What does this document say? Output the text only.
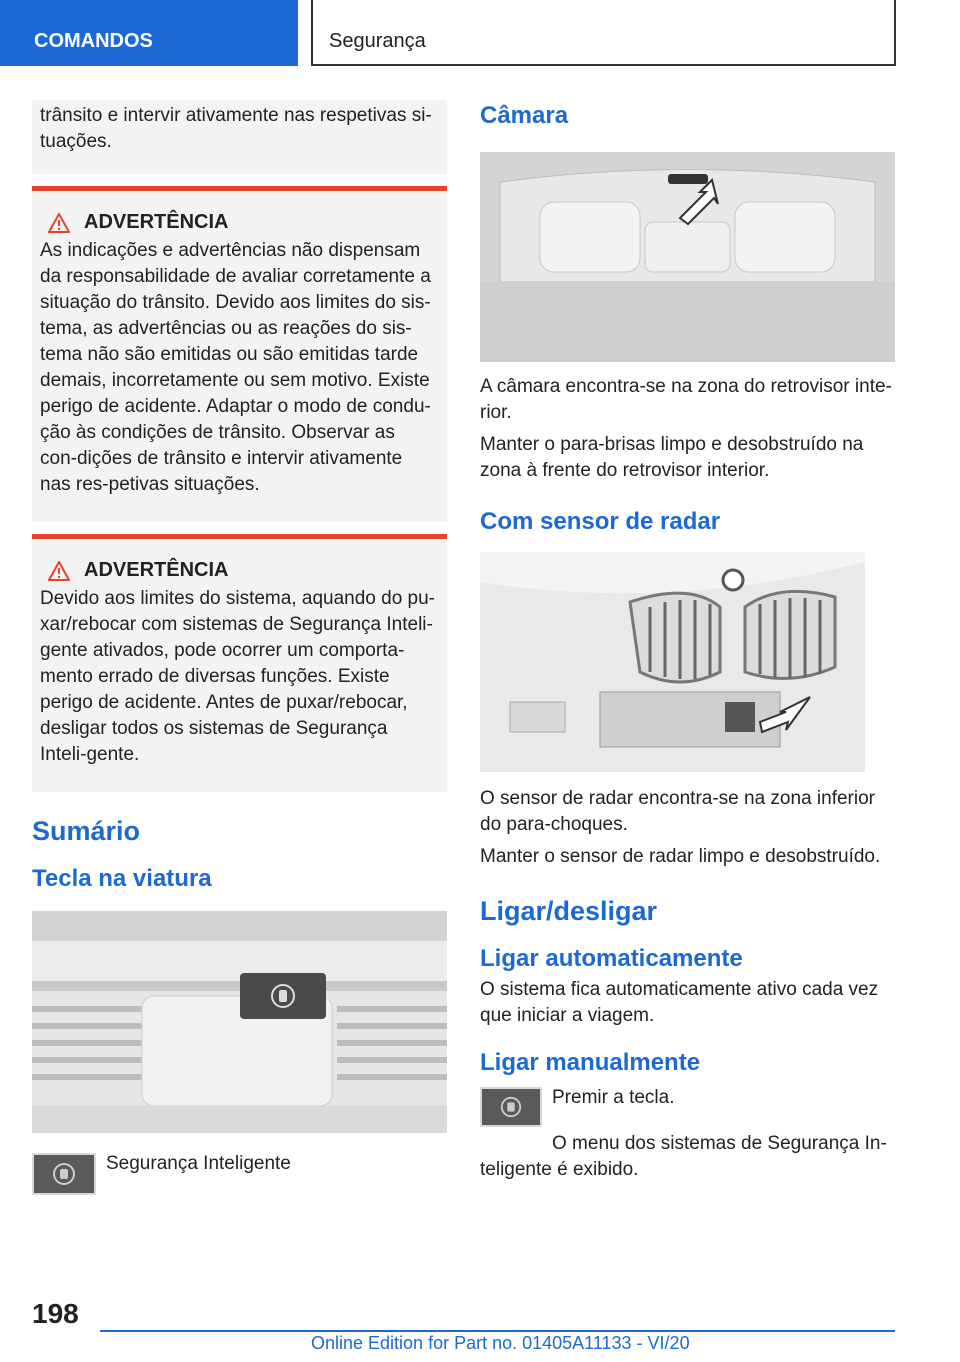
COMANDOS	Segurança

trânsito e intervir ativamente nas respetivas si-
tuações.

ADVERTÊNCIA

As indicações e advertências não dispensam da responsabilidade de avaliar corretamente a situação do trânsito. Devido aos limites do sis-tema, as advertências ou as reações do sis-tema não são emitidas ou são emitidas tarde demais, incorretamente ou sem motivo. Existe perigo de acidente. Adaptar o modo de condu-ção às condições de trânsito. Observar as con-dições de trânsito e intervir ativamente nas res-petivas situações.

ADVERTÊNCIA

Devido aos limites do sistema, aquando do pu-xar/rebocar com sistemas de Segurança Inteli-gente ativados, pode ocorrer um comporta-mento errado de diversas funções. Existe perigo de acidente. Antes de puxar/rebocar, desligar todos os sistemas de Segurança Inteli-gente.

Sumário
Tecla na viatura

Segurança Inteligente

Câmara

A câmara encontra-se na zona do retrovisor inte-rior.

Manter o para-brisas limpo e desobstruído na zona à frente do retrovisor interior.

Com sensor de radar

O sensor de radar encontra-se na zona inferior do para-choques.

Manter o sensor de radar limpo e desobstruído.

Ligar/desligar
Ligar automaticamente

O sistema fica automaticamente ativo cada vez que iniciar a viagem.

Ligar manualmente

Premir a tecla.

O menu dos sistemas de Segurança In-teligente é exibido.

198
Online Edition for Part no. 01405A11133 - VI/20
